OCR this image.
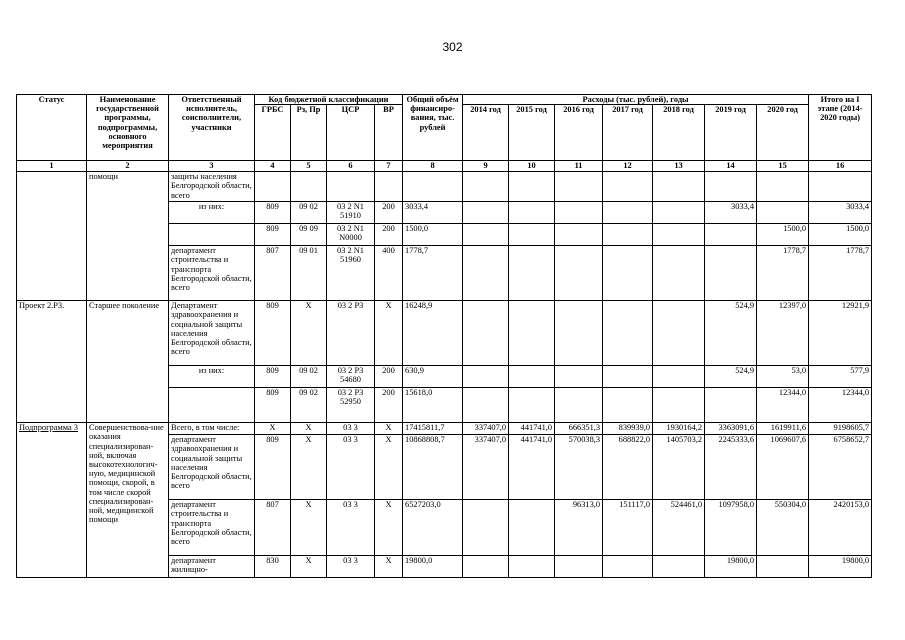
302
Статус	Наименование государственной программы, подпрограммы, основного мероприятия	Ответственный исполнитель, соисполнители, участники	Код бюджетной классификации				Общий объём финансиро-вания, тыс. рублей	Расходы (тыс. рублей), годы							Итого на I этапе (2014-2020 годы)
			ГРБС	Рз, Пр	ЦСР	ВР		2014 год	2015 год	2016 год	2017 год	2018 год	2019 год	2020 год	
1	2	3	4	5	6	7	8	9	10	11	12	13	14	15	16
	помощи	защиты населения Белгородской области, всего													
		из них:	809	09 02	03 2 N1 51910	200	3033,4						3033,4		3033,4
			809	09 09	03 2 N1 N0000	200	1500,0							1500,0	1500,0
		департамент строительства и транспорта Белгородской области, всего	807	09 01	03 2 N1 51960	400	1778,7							1778,7	1778,7
Проект 2.Р3.	Старшее поколение	Департамент здравоохранения и социальной защиты населения Белгородской области, всего	809	Х	03 2 Р3	Х	16248,9						524,9	12397,0	12921,9
		из них:	809	09 02	03 2 Р3 54680	200	630,9						524,9	53,0	577,9
			809	09 02	03 2 Р3 52950	200	15618,0							12344,0	12344,0
Подпрограмма 3	Совершенствова-ние оказания специализирован-ной, включая высокотехнологич-ную, медицинской помощи, скорой, в том числе скорой специализирован-ной, медицинской помощи	Всего, в том числе:	Х	Х	03 3	Х	17415811,7	337407,0	441741,0	666351,3	839939,0	1930164,2	3363091,6	1619911,6	9198605,7
		департамент здравоохранения и социальной защиты населения Белгородской области, всего	809	Х	03 3	Х	10868808,7	337407,0	441741,0	570038,3	688822,0	1405703,2	2245333,6	1069607,6	6758652,7
		департамент строительства и транспорта Белгородской области, всего	807	Х	03 3	Х	6527203,0			96313,0	151117,0	524461,0	1097958,0	550304,0	2420153,0
		департамент жилищно-	830	Х	03 3	Х	19800,0						19800,0		19800,0
